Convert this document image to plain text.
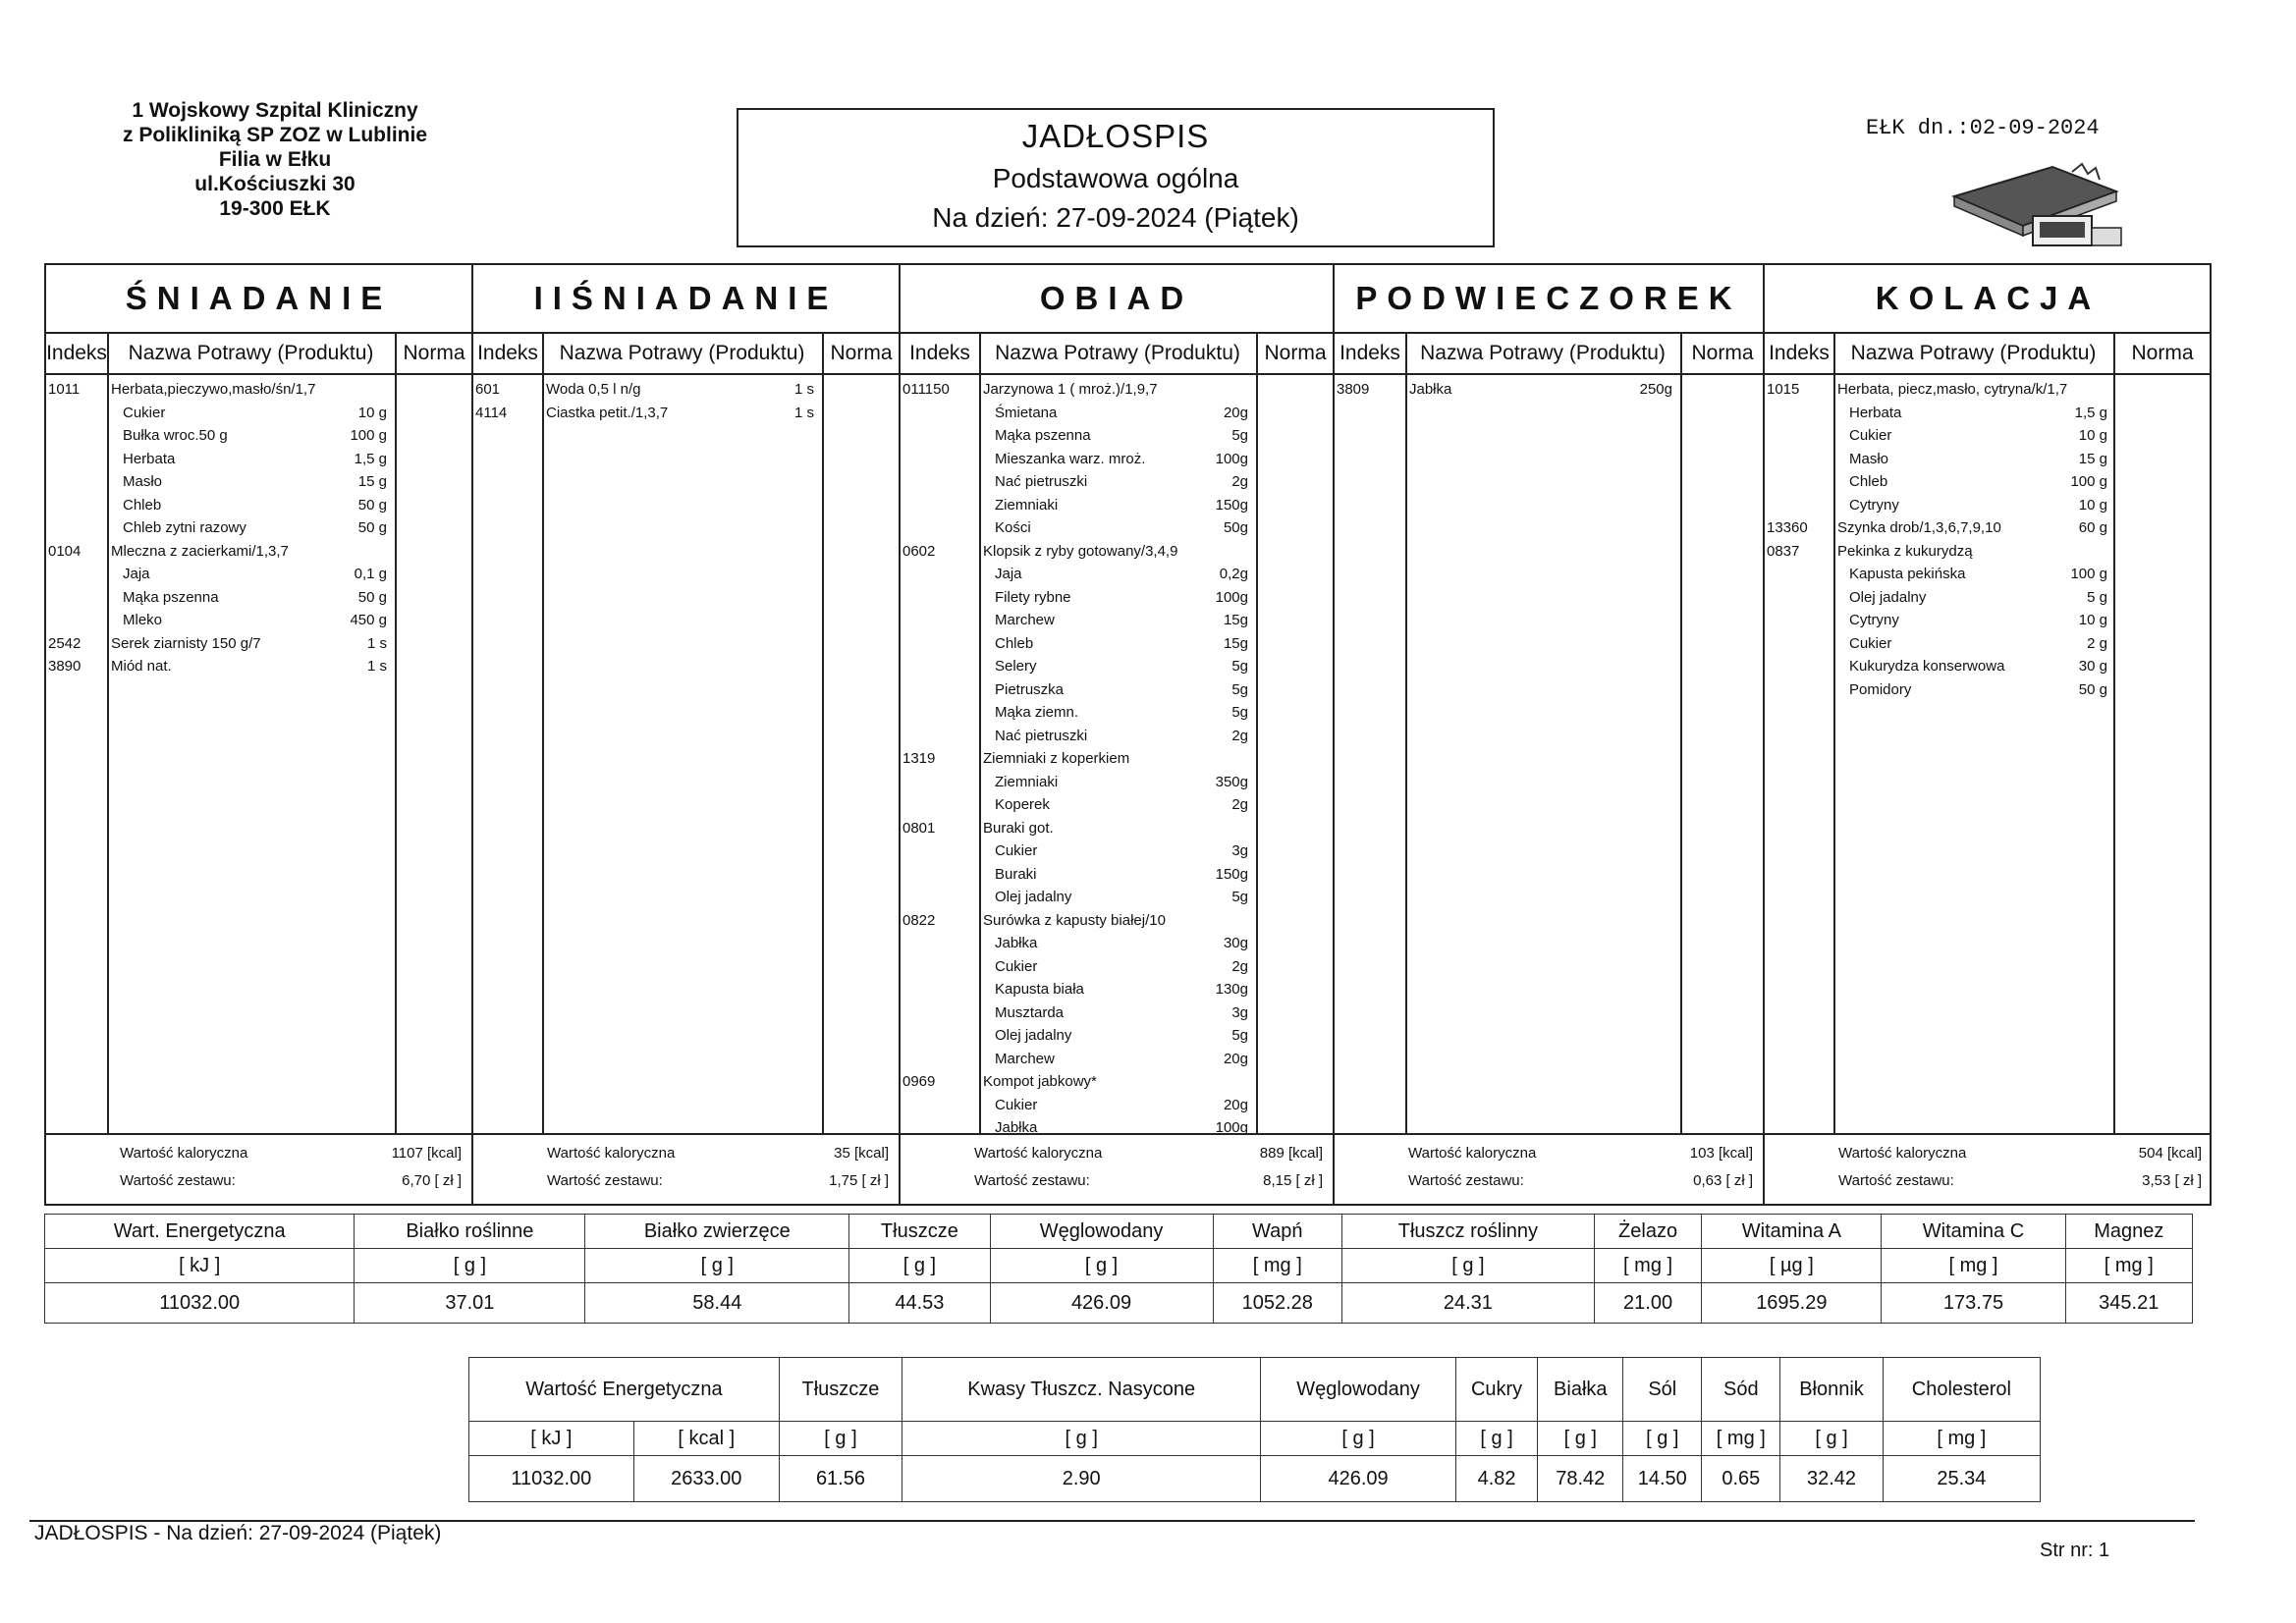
1 Wojskowy Szpital Kliniczny
z Polikliniką SP ZOZ w Lublinie
Filia w Ełku
ul.Kościuszki 30
19-300 EŁK
JADŁOSPIS
Podstawowa ogólna
Na dzień: 27-09-2024 (Piątek)
EŁK dn.:02-09-2024
ŚNIADANIE
Indeks	Nazwa Potrawy (Produktu)	Norma
1011 Herbata,pieczywo,masło/śn/1,7
Cukier	10 g
Bułka wroc.50 g	100 g
Herbata	1,5 g
Masło	15 g
Chleb	50 g
Chleb zytni razowy	50 g
0104 Mleczna z zacierkami/1,3,7
Jaja	0,1 g
Mąka pszenna	50 g
Mleko	450 g
2542 Serek ziarnisty 150 g/7	1 s
3890 Miód nat.	1 s
Wartość kaloryczna	1107 [kcal]
Wartość zestawu:	6,70 [ zł ]
IIŚNIADANIE
Indeks	Nazwa Potrawy (Produktu)	Norma
601	Woda 0,5 l n/g	1 s
4114	Ciastka petit./1,3,7	1 s
Wartość kaloryczna	35 [kcal]
Wartość zestawu:	1,75 [ zł ]
OBIAD
Indeks	Nazwa Potrawy (Produktu)	Norma
011150 Jarzynowa 1 ( mroż.)/1,9,7
Śmietana	20g
Mąka pszenna	5g
Mieszanka warz. mroż.	100g
Nać pietruszki	2g
Ziemniaki	150g
Kości	50g
0602	Klopsik z ryby gotowany/3,4,9
Jaja	0,2g
Filety rybne	100g
Marchew	15g
Chleb	15g
Selery	5g
Pietruszka	5g
Mąka ziemn.	5g
Nać pietruszki	2g
1319	Ziemniaki z koperkiem
Ziemniaki	350g
Koperek	2g
0801	Buraki got.
Cukier	3g
Buraki	150g
Olej jadalny	5g
0822	Surówka z kapusty białej/10
Jabłka	30g
Cukier	2g
Kapusta biała	130g
Musztarda	3g
Olej jadalny	5g
Marchew	20g
0969	Kompot jabkowy*
Cukier	20g
Jabłka	100g
Wartość kaloryczna	889 [kcal]
Wartość zestawu:	8,15 [ zł ]
PODWIECZOREK
Indeks Nazwa Potrawy (Produktu)	Norma
3809	Jabłka	250g
Wartość kaloryczna	103 [kcal]
Wartość zestawu:	0,63 [ zł ]
KOLACJA
Indeks	Nazwa Potrawy (Produktu)	Norma
1015	Herbata, piecz,masło, cytryna/k/1,7
Herbata	1,5 g
Cukier	10 g
Masło	15 g
Chleb	100 g
Cytryny	10 g
13360 Szynka drob/1,3,6,7,9,10	60 g
0837	Pekinka z kukurydzą
Kapusta pekińska	100 g
Olej jadalny	5 g
Cytryny	10 g
Cukier	2 g
Kukurydza konserwowa	30 g
Pomidory	50 g
Wartość kaloryczna	504 [kcal]
Wartość zestawu:	3,53 [ zł ]
Wart. Energetyczna	Białko roślinne	Białko zwierzęce	Tłuszcze	Węglowodany	Wapń	Tłuszcz roślinny	Żelazo	Witamina A	Witamina C	Magnez
[ kJ ]	[ g ]	[ g ]	[ g ]	[ g ]	[ mg ]	[ g ]	[ mg ]	[ µg ]	[ mg ]	[ mg ]
11032.00	37.01	58.44	44.53	426.09	1052.28	24.31	21.00	1695.29	173.75	345.21
Wartość Energetyczna		Tłuszcze	Kwasy Tłuszcz. Nasycone	Węglowodany	Cukry	Białka	Sól	Sód	Błonnik	Cholesterol
[ kJ ]	[ kcal ]	[ g ]	[ g ]	[ g ]	[ g ]	[ g ]	[ g ]	[ mg ]	[ g ]	[ mg ]
11032.00	2633.00	61.56	2.90	426.09	4.82	78.42	14.50	0.65	32.42	25.34
JADŁOSPIS - Na dzień: 27-09-2024 (Piątek)
Str nr: 1
